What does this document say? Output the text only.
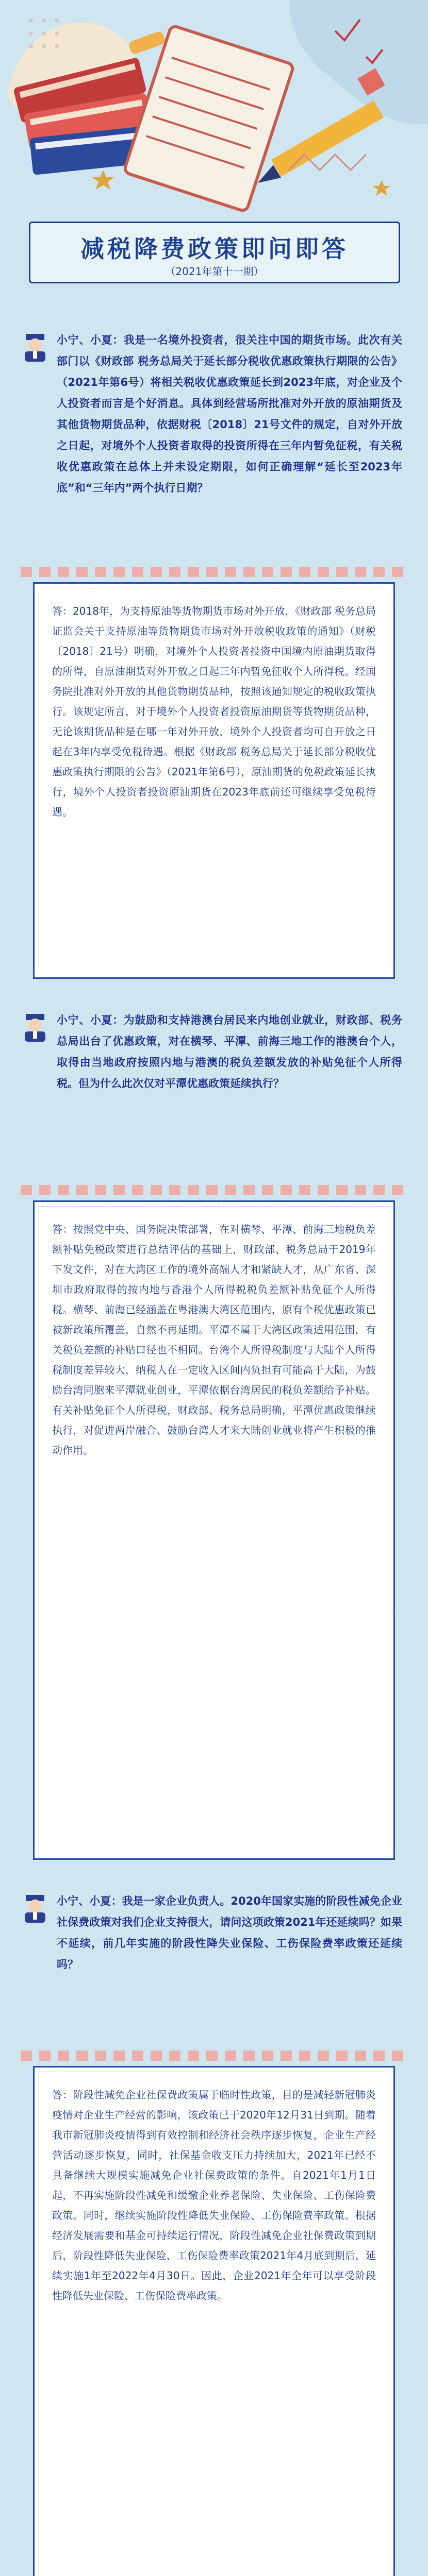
减税降费政策即问即答
（2021年第十一期）
小宁、小夏：我是一名境外投资者，很关注中国的期货市场。此次有关部门以《财政部 税务总局关于延长部分税收优惠政策执行期限的公告》（2021年第6号）将相关税收优惠政策延长到2023年底，对企业及个人投资者而言是个好消息。具体到经营场所批准对外开放的原油期货及其他货物期货品种，依据财税〔2018〕21号文件的规定，自对外开放之日起，对境外个人投资者取得的投资所得在三年内暂免征税，有关税收优惠政策在总体上并未设定期限，如何正确理解“延长至2023年底”和“三年内”两个执行日期？
答：2018年，为支持原油等货物期货市场对外开放，《财政部 税务总局证监会关于支持原油等货物期货市场对外开放税收政策的通知》（财税〔2018〕21号）明确，对境外个人投资者投资中国境内原油期货取得的所得，自原油期货对外开放之日起三年内暂免征收个人所得税。经国务院批准对外开放的其他货物期货品种，按照该通知规定的税收政策执行。该规定所言，对于境外个人投资者投资原油期货等货物期货品种，无论该期货品种是在哪一年对外开放，境外个人投资者均可自开放之日起在3年内享受免税待遇。根据《财政部 税务总局关于延长部分税收优惠政策执行期限的公告》（2021年第6号），原油期货的免税政策延长执行，境外个人投资者投资原油期货在2023年底前还可继续享受免税待遇。
小宁、小夏：为鼓励和支持港澳台居民来内地创业就业，财政部、税务总局出台了优惠政策，对在横琴、平潭、前海三地工作的港澳台个人，取得由当地政府按照内地与港澳的税负差额发放的补贴免征个人所得税。但为什么此次仅对平潭优惠政策延续执行？
答：按照党中央、国务院决策部署，在对横琴、平潭、前海三地税负差额补贴免税政策进行总结评估的基础上，财政部、税务总局于2019年下发文件，对在大湾区工作的境外高端人才和紧缺人才，从广东省、深圳市政府取得的按内地与香港个人所得税税负差额补贴免征个人所得税。横琴、前海已经涵盖在粤港澳大湾区范围内，原有个税优惠政策已被新政策所覆盖，自然不再延期。平潭不属于大湾区政策适用范围，有关税负差额的补贴口径也不相同。台湾个人所得税制度与大陆个人所得税制度差异较大，纳税人在一定收入区间内负担有可能高于大陆，为鼓励台湾同胞来平潭就业创业，平潭依据台湾居民的税负差额给予补贴。有关补贴免征个人所得税，财政部、税务总局明确，平潭优惠政策继续执行，对促进两岸融合、鼓励台湾人才来大陆创业就业将产生积极的推动作用。
小宁、小夏：我是一家企业负责人。2020年国家实施的阶段性减免企业社保费政策对我们企业支持很大，请问这项政策2021年还延续吗？如果不延续，前几年实施的阶段性降失业保险、工伤保险费率政策还延续吗？
答：阶段性减免企业社保费政策属于临时性政策，目的是减轻新冠肺炎疫情对企业生产经营的影响，该政策已于2020年12月31日到期。随着我市新冠肺炎疫情得到有效控制和经济社会秩序逐步恢复，企业生产经营活动逐步恢复，同时，社保基金收支压力持续加大，2021年已经不具备继续大规模实施减免企业社保费政策的条件。自2021年1月1日起，不再实施阶段性减免和缓缴企业养老保险、失业保险、工伤保险费政策。同时，继续实施阶段性降低失业保险、工伤保险费率政策。根据经济发展需要和基金可持续运行情况，阶段性减免企业社保费政策到期后，阶段性降低失业保险、工伤保险费率政策2021年4月底到期后，延续实施1年至2022年4月30日。因此，企业2021年全年可以享受阶段性降低失业保险、工伤保险费率政策。
